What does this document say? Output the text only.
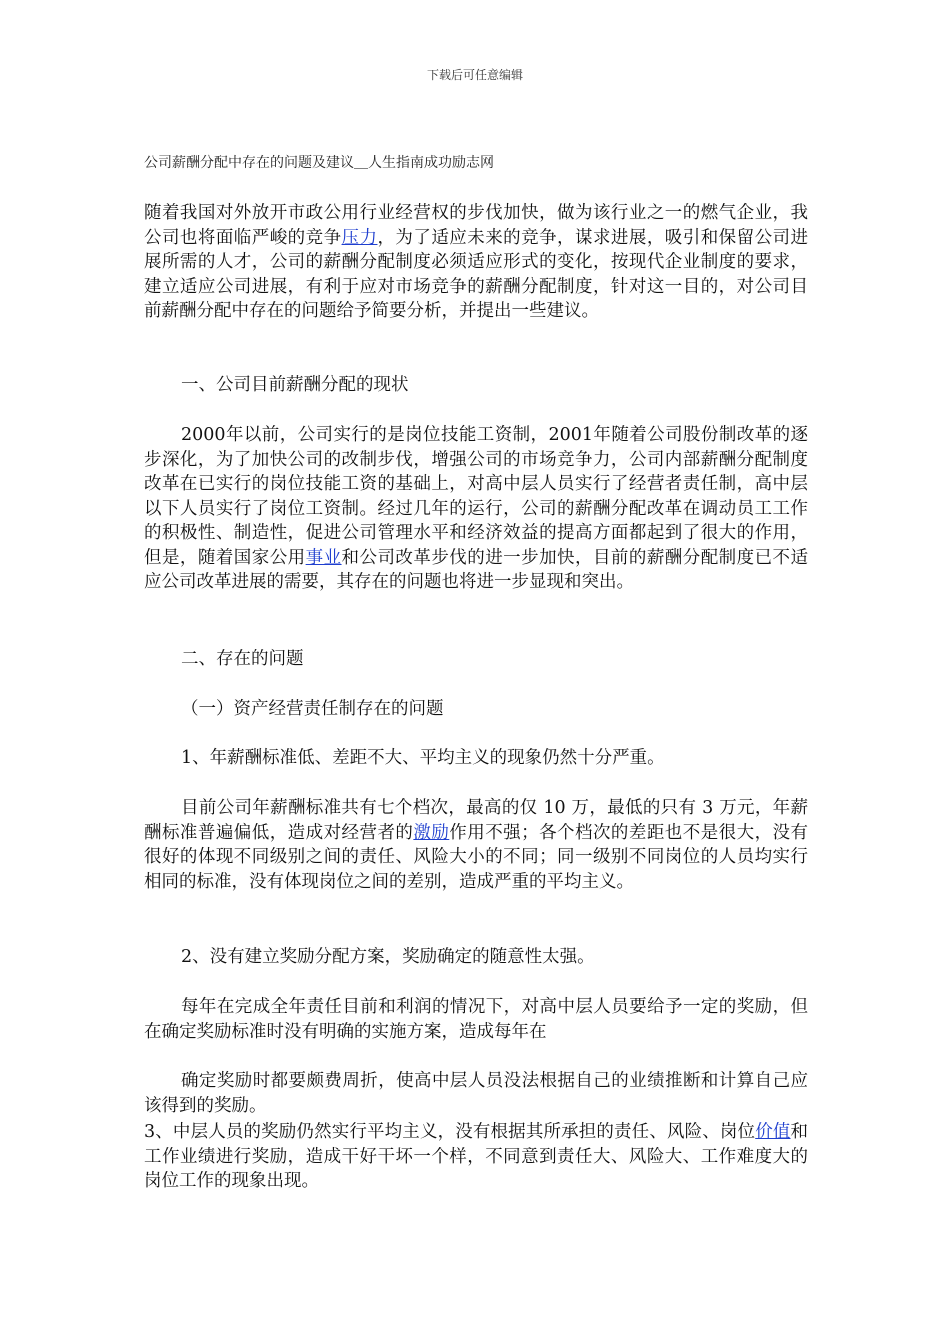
下载后可任意编辑
公司薪酬分配中存在的问题及建议＿人生指南成功励志网

随着我国对外放开市政公用行业经营权的步伐加快，做为该行业之一的燃气企业，我公司也将面临严峻的竞争压力，为了适应未来的竞争，谋求进展，吸引和保留公司进展所需的人才，公司的薪酬分配制度必须适应形式的变化，按现代企业制度的要求，建立适应公司进展，有利于应对市场竞争的薪酬分配制度，针对这一目的，对公司目前薪酬分配中存在的问题给予简要分析，并提出一些建议。

一、公司目前薪酬分配的现状

2000年以前，公司实行的是岗位技能工资制，2001年随着公司股份制改革的逐步深化，为了加快公司的改制步伐，增强公司的市场竞争力，公司内部薪酬分配制度改革在已实行的岗位技能工资的基础上，对高中层人员实行了经营者责任制，高中层以下人员实行了岗位工资制。经过几年的运行，公司的薪酬分配改革在调动员工工作的积极性、制造性，促进公司管理水平和经济效益的提高方面都起到了很大的作用，但是，随着国家公用事业和公司改革步伐的进一步加快，目前的薪酬分配制度已不适应公司改革进展的需要，其存在的问题也将进一步显现和突出。

二、存在的问题

（一）资产经营责任制存在的问题

1、年薪酬标准低、差距不大、平均主义的现象仍然十分严重。

目前公司年薪酬标准共有七个档次，最高的仅 10 万，最低的只有 3 万元，年薪酬标准普遍偏低，造成对经营者的激励作用不强；各个档次的差距也不是很大，没有很好的体现不同级别之间的责任、风险大小的不同；同一级别不同岗位的人员均实行相同的标准，没有体现岗位之间的差别，造成严重的平均主义。

2、没有建立奖励分配方案，奖励确定的随意性太强。

每年在完成全年责任目前和利润的情况下，对高中层人员要给予一定的奖励，但在确定奖励标准时没有明确的实施方案，造成每年在

确定奖励时都要颇费周折，使高中层人员没法根据自己的业绩推断和计算自己应该得到的奖励。

3、中层人员的奖励仍然实行平均主义，没有根据其所承担的责任、风险、岗位价值和工作业绩进行奖励，造成干好干坏一个样，不同意到责任大、风险大、工作难度大的岗位工作的现象出现。
